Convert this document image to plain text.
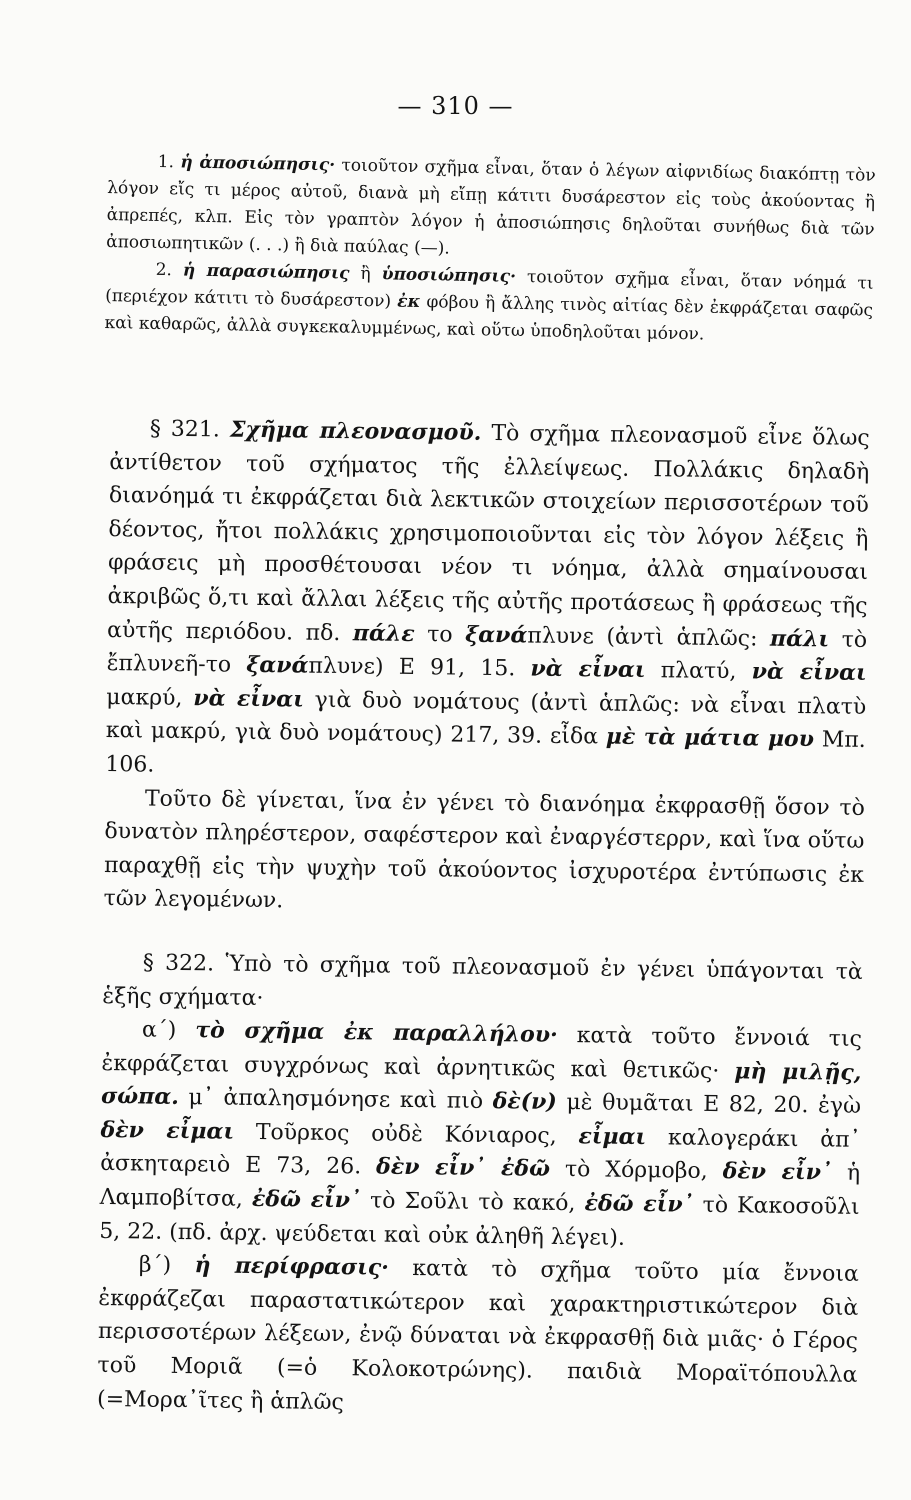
— 310 —

1. ἡ ἀποσιώπησις· τοιοῦτον σχῆμα εἶναι, ὅταν ὁ λέγων αἰφνιδίως διακόπτῃ τὸν λόγον εἴς τι μέρος αὐτοῦ, διανὰ μὴ εἴπῃ κάτιτι δυσάρεστον εἰς τοὺς ἀκούοντας ἢ ἀπρεπές, κλπ. Εἰς τὸν γραπτὸν λόγον ἡ ἀποσιώπησις δηλοῦται συνήθως διὰ τῶν ἀποσιωπητικῶν (. . .) ἢ διὰ παύλας (—).

2. ἡ παρασιώπησις ἢ ὑποσιώπησις· τοιοῦτον σχῆμα εἶναι, ὅταν νόημά τι (περιέχον κάτιτι τὸ δυσάρεστον) ἐκ φόβου ἢ ἄλλης τινὸς αἰτίας δὲν ἐκφράζεται σαφῶς καὶ καθαρῶς, ἀλλὰ συγκεκαλυμμένως, καὶ οὕτω ὑποδηλοῦται μόνον.

§ 321. Σχῆμα πλεονασμοῦ. Τὸ σχῆμα πλεονασμοῦ εἶνε ὅλως ἀντίθετον τοῦ σχήματος τῆς ἐλλείψεως. Πολλάκις δηλαδὴ διανόημά τι ἐκφράζεται διὰ λεκτικῶν στοιχείων περισσοτέρων τοῦ δέοντος, ἤτοι πολλάκις χρησιμοποιοῦνται εἰς τὸν λόγον λέξεις ἢ φράσεις μὴ προσθέτουσαι νέον τι νόημα, ἀλλὰ σημαίνουσαι ἀκριβῶς ὅ,τι καὶ ἄλλαι λέξεις τῆς αὐτῆς προτάσεως ἢ φράσεως τῆς αὐτῆς περιόδου. πδ. πάλε το ξανάπλυνε (ἀντὶ ἁπλῶς: πάλι τὸ ἔπλυνεῆ-το ξανάπλυνε) Ε 91, 15. νὰ εἶναι πλατύ, νὰ εἶναι μακρύ, νὰ εἶναι γιὰ δυὸ νομάτους (ἀντὶ ἁπλῶς: νὰ εἶναι πλατὺ καὶ μακρύ, γιὰ δυὸ νομάτους) 217, 39. εἶδα μὲ τὰ μάτια μου Μπ. 106.

Τοῦτο δὲ γίνεται, ἵνα ἐν γένει τὸ διανόημα ἐκφρασθῇ ὅσον τὸ δυνατὸν πληρέστερον, σαφέστερον καὶ ἐναργέστερρν, καὶ ἵνα οὕτω παραχθῇ εἰς τὴν ψυχὴν τοῦ ἀκούοντος ἰσχυροτέρα ἐντύπωσις ἐκ τῶν λεγομένων.

§ 322. Ὑπὸ τὸ σχῆμα τοῦ πλεονασμοῦ ἐν γένει ὑπάγονται τὰ ἑξῆς σχήματα·

α΄) τὸ σχῆμα ἐκ παραλλήλου· κατὰ τοῦτο ἔννοιά τις ἐκφράζεται συγχρόνως καὶ ἀρνητικῶς καὶ θετικῶς· μὴ μιλῇς, σώπα. μ᾿ ἀπαλησμόνησε καὶ πιὸ δὲ(ν) μὲ θυμᾶται Ε 82, 20. ἐγὼ δὲν εἶμαι Τοῦρκος οὐδὲ Κόνιαρος, εἶμαι καλογεράκι ἀπ᾿ ἀσκηταρειὸ Ε 73, 26. δὲν εἶν᾿ ἐδῶ τὸ Χόρμοβο, δὲν εἶν᾿ ἡ Λαμποβίτσα, ἐδῶ εἶν᾿ τὸ Σοῦλι τὸ κακό, ἐδῶ εἶν᾿ τὸ Κακοσοῦλι 5, 22. (πδ. ἀρχ. ψεύδεται καὶ οὐκ ἀληθῆ λέγει).

β΄) ἡ περίφρασις· κατὰ τὸ σχῆμα τοῦτο μία ἔννοια ἐκφράζεζαι παραστατικώτερον καὶ χαρακτηριστικώτερον διὰ περισσοτέρων λέξεων, ἐνῷ δύναται νὰ ἐκφρασθῇ διὰ μιᾶς· ὁ Γέρος τοῦ Μοριᾶ (=ὁ Κολοκοτρώνης). παιδιὰ Μοραϊτόπουλλα (=Μορα᾿ῖτες ἢ ἁπλῶς
